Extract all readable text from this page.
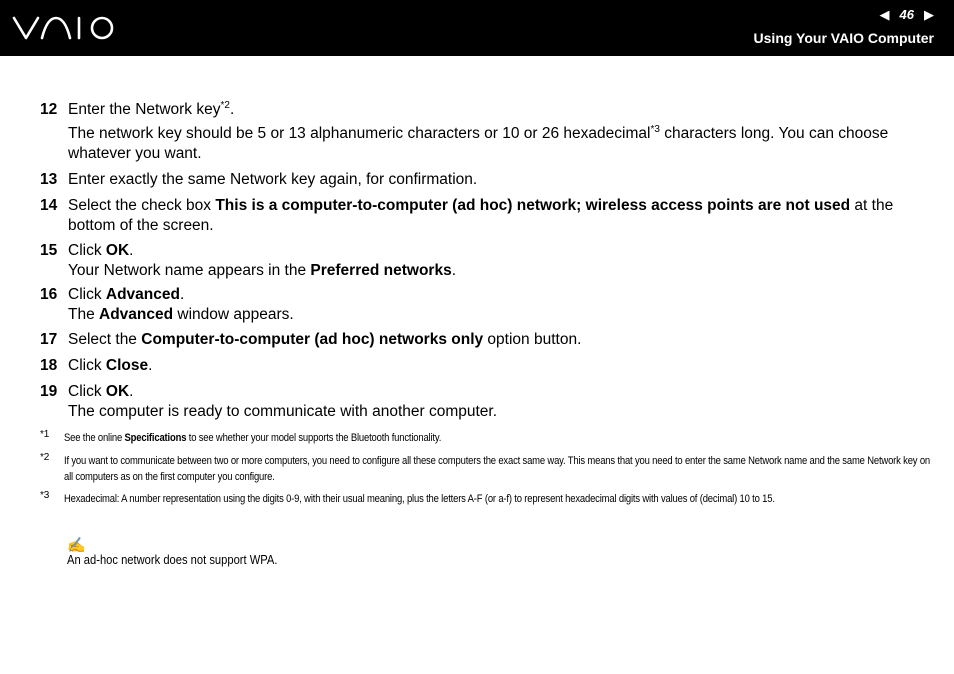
◀ 46 ▶
Using Your VAIO Computer
12 Enter the Network key$^{*2}$.
The network key should be 5 or 13 alphanumeric characters or 10 or 26 hexadecimal$^{*3}$ characters long. You can choose whatever you want.
13 Enter exactly the same Network key again, for confirmation.
14 Select the check box This is a computer-to-computer (ad hoc) network; wireless access points are not used at the bottom of the screen.
15 Click OK.
Your Network name appears in the Preferred networks.
16 Click Advanced.
The Advanced window appears.
17 Select the Computer-to-computer (ad hoc) networks only option button.
18 Click Close.
19 Click OK.
The computer is ready to communicate with another computer.
*1 See the online Specifications to see whether your model supports the Bluetooth functionality.
*2 If you want to communicate between two or more computers, you need to configure all these computers the exact same way. This means that you need to enter the same Network name and the same Network key on all computers as on the first computer you configure.
*3 Hexadecimal: A number representation using the digits 0-9, with their usual meaning, plus the letters A-F (or a-f) to represent hexadecimal digits with values of (decimal) 10 to 15.
✍
An ad-hoc network does not support WPA.
